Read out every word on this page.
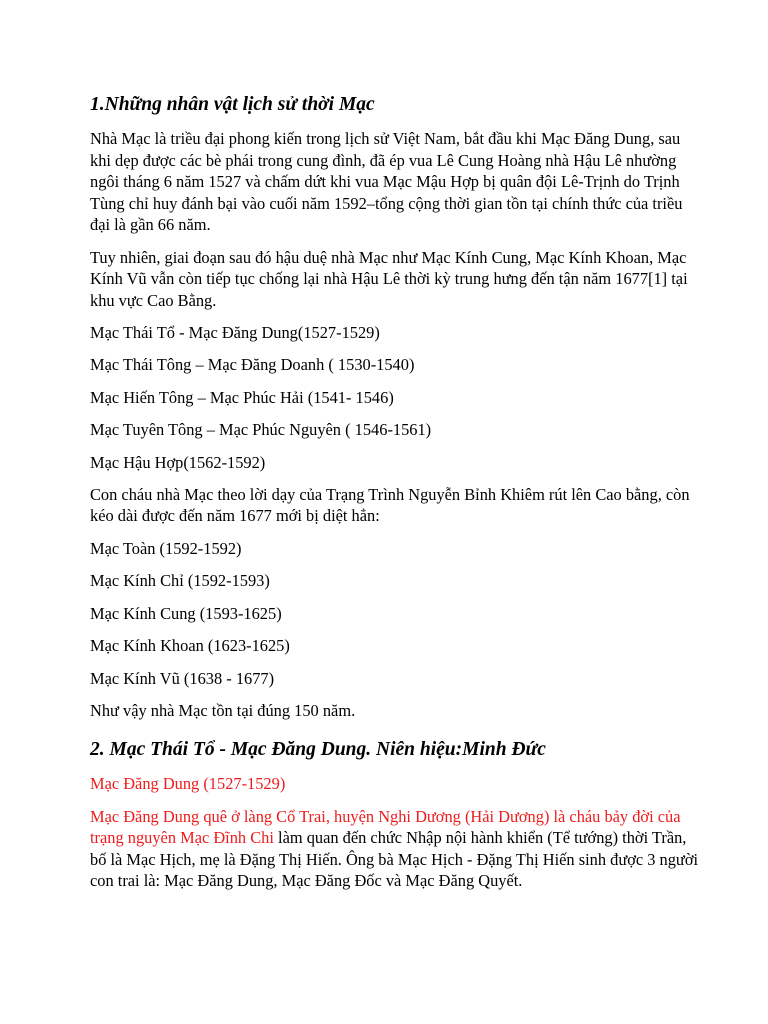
1.Những nhân vật lịch sử thời Mạc

Nhà Mạc là triều đại phong kiến trong lịch sử Việt Nam, bắt đầu khi Mạc Đăng Dung, sau khi dẹp được các bè phái trong cung đình, đã ép vua Lê Cung Hoàng nhà Hậu Lê nhường ngôi tháng 6 năm 1527 và chấm dứt khi vua Mạc Mậu Hợp bị quân đội Lê-Trịnh do Trịnh Tùng chỉ huy đánh bại vào cuối năm 1592–tổng cộng thời gian tồn tại chính thức của triều đại là gần 66 năm.

Tuy nhiên, giai đoạn sau đó hậu duệ nhà Mạc như Mạc Kính Cung, Mạc Kính Khoan, Mạc Kính Vũ vẫn còn tiếp tục chống lại nhà Hậu Lê thời kỳ trung hưng đến tận năm 1677[1] tại khu vực Cao Bằng.

Mạc Thái Tổ - Mạc Đăng Dung(1527-1529)

Mạc Thái Tông – Mạc Đăng Doanh ( 1530-1540)

Mạc Hiến Tông – Mạc Phúc Hải (1541- 1546)

Mạc Tuyên Tông – Mạc Phúc Nguyên ( 1546-1561)

Mạc Hậu Hợp(1562-1592)

Con cháu nhà Mạc theo lời dạy của Trạng Trình Nguyễn Bỉnh Khiêm rút lên Cao bằng, còn kéo dài được đến năm 1677 mới bị diệt hẳn:

Mạc Toàn (1592-1592)

Mạc Kính Chỉ (1592-1593)

Mạc Kính Cung (1593-1625)

Mạc Kính Khoan (1623-1625)

Mạc Kính Vũ (1638 - 1677)

Như vậy nhà Mạc tồn tại đúng 150 năm.

2. Mạc Thái Tổ - Mạc Đăng Dung. Niên hiệu:Minh Đức

Mạc Đăng Dung (1527-1529)

Mạc Đăng Dung quê ở làng Cổ Trai, huyện Nghi Dương (Hải Dương) là cháu bảy đời của trạng nguyên Mạc Đĩnh Chi làm quan đến chức Nhập nội hành khiển (Tể tướng) thời Trần, bố là Mạc Hịch, mẹ là Đặng Thị Hiến. Ông bà Mạc Hịch - Đặng Thị Hiến sinh được 3 người con trai là: Mạc Đăng Dung, Mạc Đăng Đốc và Mạc Đăng Quyết.
